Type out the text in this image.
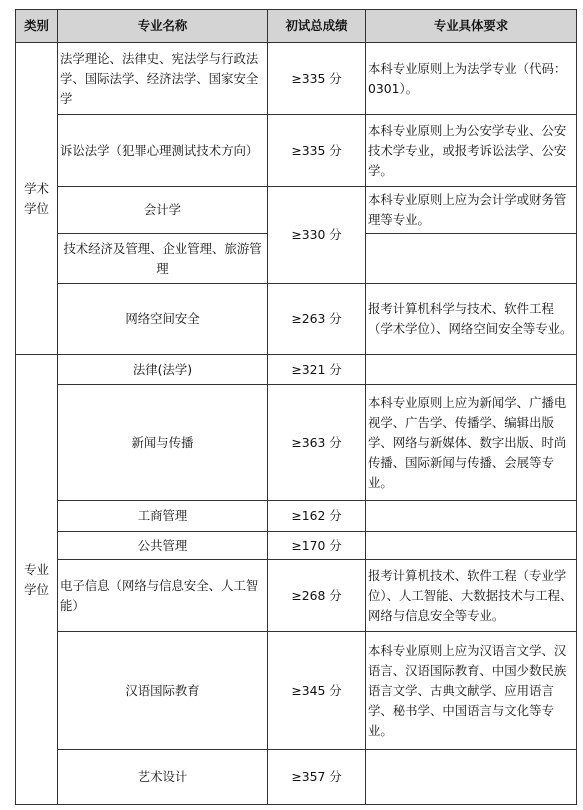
类别	专业名称	初试总成绩	专业具体要求
学术
学位	法学理论、法律史、宪法学与行政法学、国际法学、经济法学、国家安全学	≥335 分	本科专业原则上为法学专业（代码：0301）。
	诉讼法学（犯罪心理测试技术方向）	≥335 分	本科专业原则上为公安学专业、公安技术学专业，或报考诉讼法学、公安学。
	会计学	≥330 分	本科专业原则上应为会计学或财务管理等专业。
	技术经济及管理、企业管理、旅游管理		
	网络空间安全	≥263 分	报考计算机科学与技术、软件工程（学术学位）、网络空间安全等专业。
专业
学位	法律(法学)	≥321 分	
	新闻与传播	≥363 分	本科专业原则上应为新闻学、广播电视学、广告学、传播学、编辑出版学、网络与新媒体、数字出版、时尚传播、国际新闻与传播、会展等专业。
	工商管理	≥162 分	
	公共管理	≥170 分	
	电子信息（网络与信息安全、人工智能）	≥268 分	报考计算机技术、软件工程（专业学位）、人工智能、大数据技术与工程、网络与信息安全等专业。
	汉语国际教育	≥345 分	本科专业原则上应为汉语言文学、汉语言、汉语国际教育、中国少数民族语言文学、古典文献学、应用语言学、秘书学、中国语言与文化等专业。
	艺术设计	≥357 分	
